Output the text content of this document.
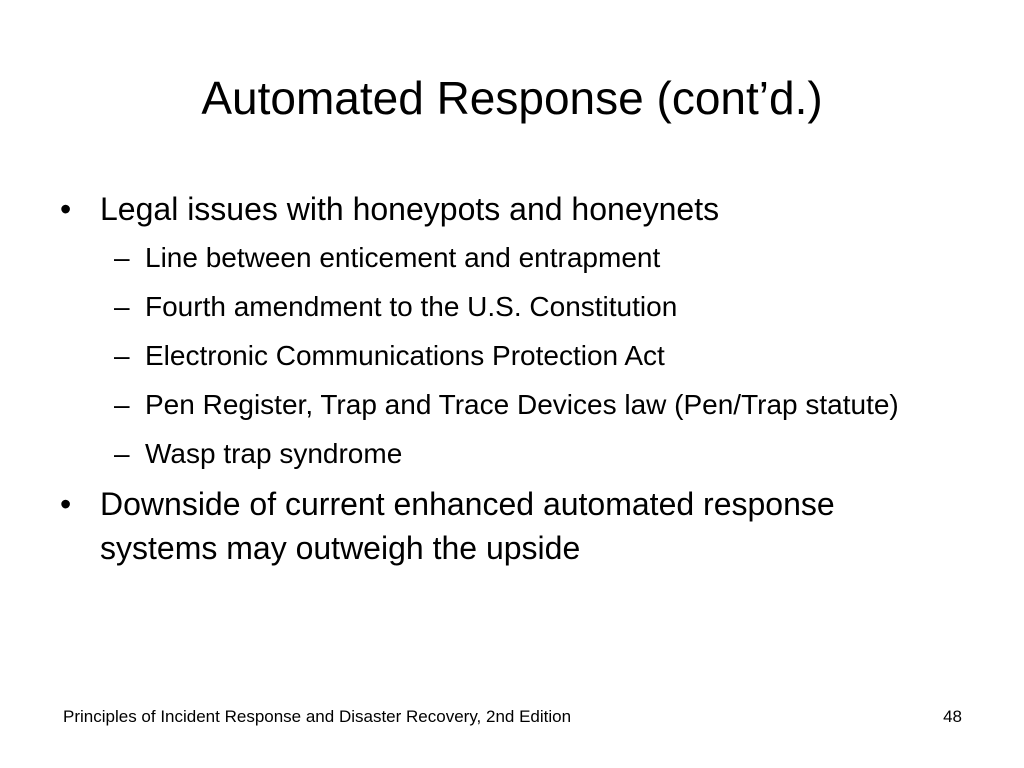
Automated Response (cont’d.)
• Legal issues with honeypots and honeynets
– Line between enticement and entrapment
– Fourth amendment to the U.S. Constitution
– Electronic Communications Protection Act
– Pen Register, Trap and Trace Devices law (Pen/Trap statute)
– Wasp trap syndrome
• Downside of current enhanced automated response systems may outweigh the upside
Principles of Incident Response and Disaster Recovery, 2nd Edition	48
